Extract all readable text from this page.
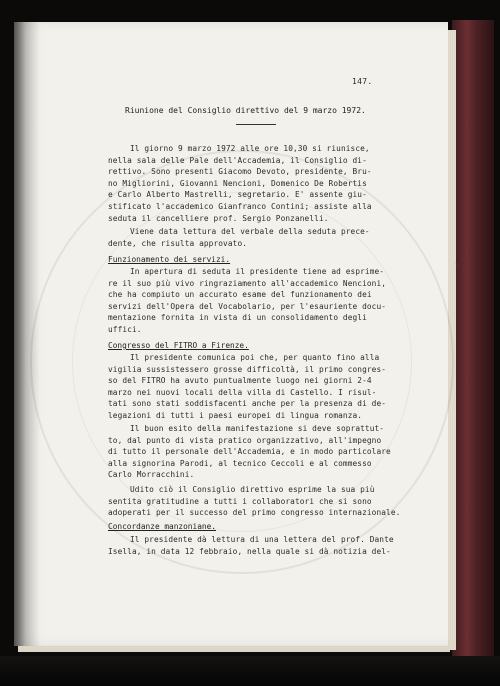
147.
Riunione del Consiglio direttivo del 9 marzo 1972.
1
Il giorno 9 marzo 1972 alle ore 10,30 si riunisce,
nella sala delle Pale dell'Accademia, il Consiglio di-
rettivo. Sono presenti Giacomo Devoto, presidente, Bru-
no Migliorini, Giovanni Nencioni, Domenico De Robertis
e Carlo Alberto Mastrelli, segretario. E' assente giu-
stificato l'accademico Gianfranco Contini; assiste alla
seduta il cancelliere prof. Sergio Ponzanelli.
Viene data lettura del verbale della seduta prece-
dente, che risulta approvato.
Funzionamento dei servizi.
In apertura di seduta il presidente tiene ad esprime-
re il suo più vivo ringraziamento all'accademico Nencioni,
che ha compiuto un accurato esame del funzionamento dei
servizi dell'Opera del Vocabolario, per l'esauriente docu-
mentazione fornita in vista di un consolidamento degli
uffici.
Congresso del FITRO a Firenze.
Il presidente comunica poi che, per quanto fino alla
vigilia sussistessero grosse difficoltà, il primo congres-
so del FITRO ha avuto puntualmente luogo nei giorni 2-4
marzo nei nuovi locali della villa di Castello. I risul-
tati sono stati soddisfacenti anche per la presenza di de-
legazioni di tutti i paesi europei di lingua romanza.
Il buon esito della manifestazione si deve soprattut-
to, dal punto di vista pratico organizzativo, all'impegno
di tutto il personale dell'Accademia, e in modo particolare
alla signorina Parodi, al tecnico Ceccoli e al commesso
Carlo Morracchini.
Udito ciò il Consiglio direttivo esprime la sua più
sentita gratitudine a tutti i collaboratori che si sono
adoperati per il successo del primo congresso internazionale.
Concordanze manzoniane.
Il presidente dà lettura di una lettera del prof. Dante
Isella, in data 12 febbraio, nella quale si dà notizia del-
